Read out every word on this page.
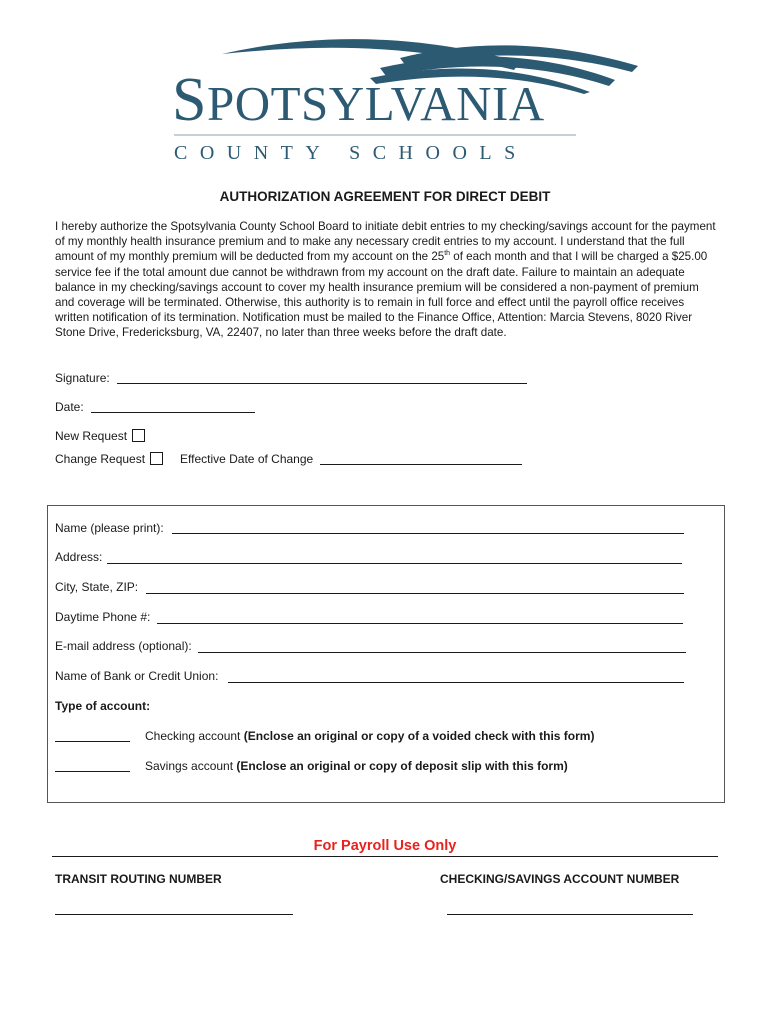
SPOTSYLVANIA
COUNTY SCHOOLS
AUTHORIZATION AGREEMENT FOR DIRECT DEBIT
I hereby authorize the Spotsylvania County School Board to initiate debit entries to my checking/savings account for the payment of my monthly health insurance premium and to make any necessary credit entries to my account. I understand that the full amount of my monthly premium will be deducted from my account on the 25th of each month and that I will be charged a $25.00 service fee if the total amount due cannot be withdrawn from my account on the draft date. Failure to maintain an adequate balance in my checking/savings account to cover my health insurance premium will be considered a non-payment of premium and coverage will be terminated. Otherwise, this authority is to remain in full force and effect until the payroll office receives written notification of its termination. Notification must be mailed to the Finance Office, Attention: Marcia Stevens, 8020 River Stone Drive, Fredericksburg, VA, 22407, no later than three weeks before the draft date.
Signature:
Date:
New Request
Change Request	Effective Date of Change
Name (please print):
Address:
City, State, ZIP:
Daytime Phone #:
E-mail address (optional):
Name of Bank or Credit Union:
Type of account:
Checking account (Enclose an original or copy of a voided check with this form)
Savings account (Enclose an original or copy of deposit slip with this form)
For Payroll Use Only
TRANSIT ROUTING NUMBER	CHECKING/SAVINGS ACCOUNT NUMBER
